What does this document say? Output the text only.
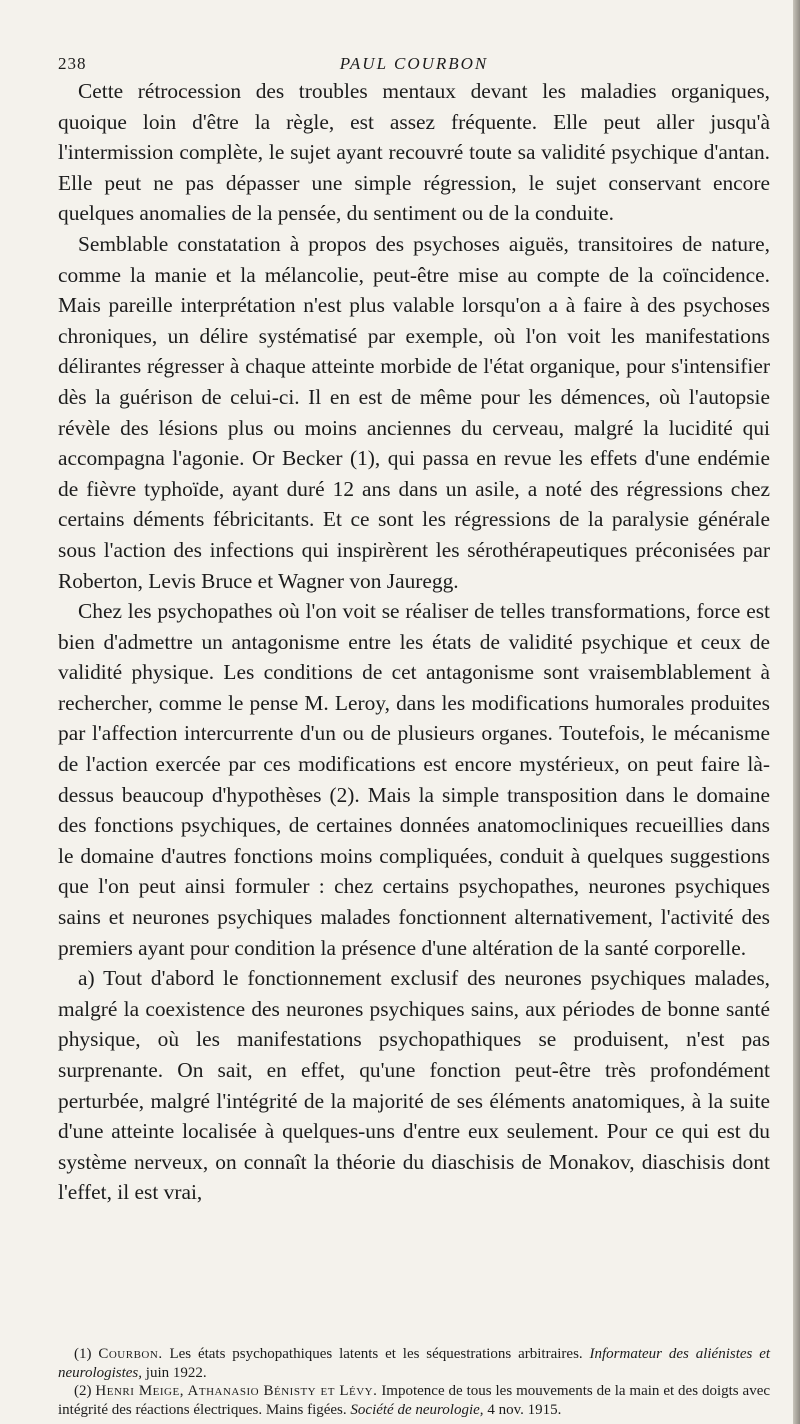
238	PAUL COURBON

Cette rétrocession des troubles mentaux devant les maladies organiques, quoique loin d'être la règle, est assez fréquente. Elle peut aller jusqu'à l'intermission complète, le sujet ayant recouvré toute sa validité psychique d'antan. Elle peut ne pas dépasser une simple régression, le sujet conservant encore quelques anomalies de la pensée, du sentiment ou de la conduite.

Semblable constatation à propos des psychoses aiguës, transitoires de nature, comme la manie et la mélancolie, peut-être mise au compte de la coïncidence. Mais pareille interprétation n'est plus valable lorsqu'on a à faire à des psychoses chroniques, un délire systématisé par exemple, où l'on voit les manifestations délirantes régresser à chaque atteinte morbide de l'état organique, pour s'intensifier dès la guérison de celui-ci. Il en est de même pour les démences, où l'autopsie révèle des lésions plus ou moins anciennes du cerveau, malgré la lucidité qui accompagna l'agonie. Or Becker (1), qui passa en revue les effets d'une endémie de fièvre typhoïde, ayant duré 12 ans dans un asile, a noté des régressions chez certains déments fébricitants. Et ce sont les régressions de la paralysie générale sous l'action des infections qui inspirèrent les sérothérapeutiques préconisées par Roberton, Levis Bruce et Wagner von Jauregg.

Chez les psychopathes où l'on voit se réaliser de telles transformations, force est bien d'admettre un antagonisme entre les états de validité psychique et ceux de validité physique. Les conditions de cet antagonisme sont vraisemblablement à rechercher, comme le pense M. Leroy, dans les modifications humorales produites par l'affection intercurrente d'un ou de plusieurs organes. Toutefois, le mécanisme de l'action exercée par ces modifications est encore mystérieux, on peut faire là-dessus beaucoup d'hypothèses (2). Mais la simple transposition dans le domaine des fonctions psychiques, de certaines données anatomocliniques recueillies dans le domaine d'autres fonctions moins compliquées, conduit à quelques suggestions que l'on peut ainsi formuler : chez certains psychopathes, neurones psychiques sains et neurones psychiques malades fonctionnent alternativement, l'activité des premiers ayant pour condition la présence d'une altération de la santé corporelle.

a) Tout d'abord le fonctionnement exclusif des neurones psychiques malades, malgré la coexistence des neurones psychiques sains, aux périodes de bonne santé physique, où les manifestations psychopathiques se produisent, n'est pas surprenante. On sait, en effet, qu'une fonction peut-être très profondément perturbée, malgré l'intégrité de la majorité de ses éléments anatomiques, à la suite d'une atteinte localisée à quelques-uns d'entre eux seulement. Pour ce qui est du système nerveux, on connaît la théorie du diaschisis de Monakov, diaschisis dont l'effet, il est vrai,

(1) Courbon. Les états psychopathiques latents et les séquestrations arbitraires. Informateur des aliénistes et neurologistes, juin 1922.

(2) Henri Meige, Athanasio Bénisty et Lévy. Impotence de tous les mouvements de la main et des doigts avec intégrité des réactions électriques. Mains figées. Société de neurologie, 4 nov. 1915.
